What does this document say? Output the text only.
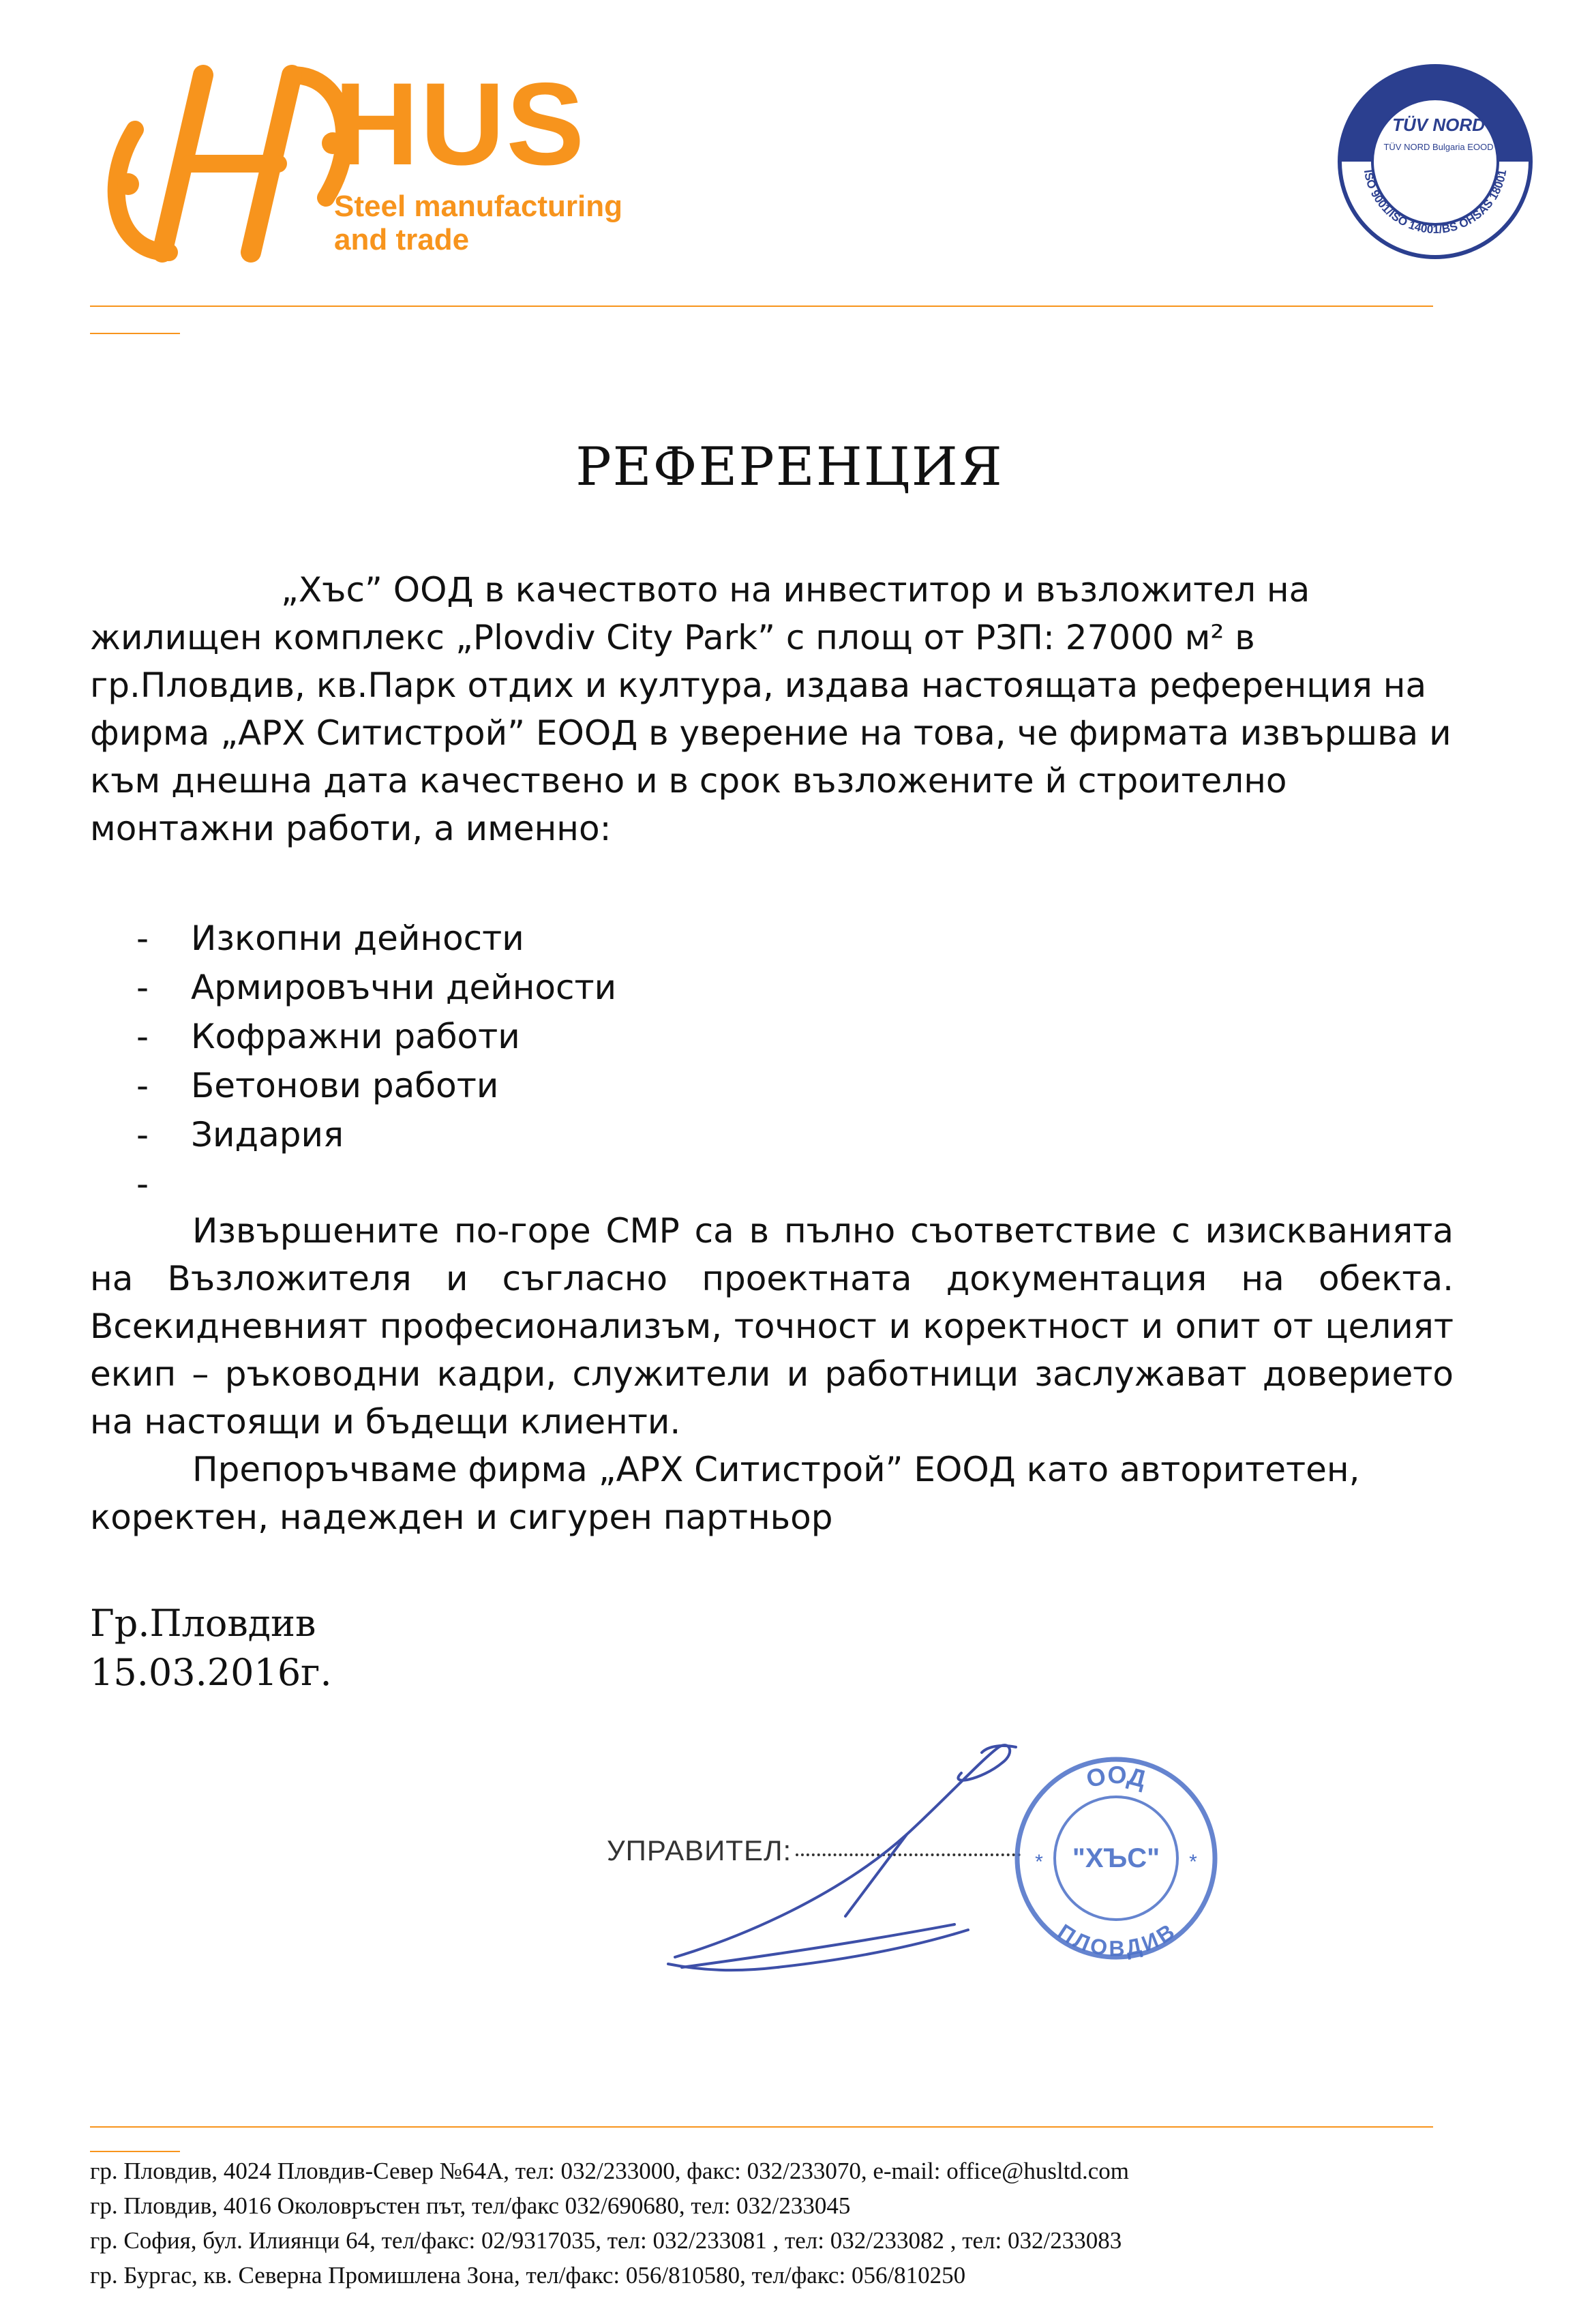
HUS
Steel manufacturing
and trade
TÜV NORD
TÜV NORD Bulgaria EOOD
ISO 9001/ISO 14001/BS OHSAS 18001
РЕФЕРЕНЦИЯ
„Хъс” ООД в качеството на инвеститор и възложител на жилищен комплекс „Plovdiv City Park” с площ от РЗП: 27000 м² в гр.Пловдив, кв.Парк отдих и култура, издава настоящата референция на фирма „АРХ Ситистрой” ЕООД в уверение на това, че фирмата извършва и към днешна дата качествено и в срок възложените й строително монтажни работи, а именно:
- Изкопни дейности
- Армировъчни дейности
- Кофражни работи
- Бетонови работи
- Зидария
-
Извършените по-горе СМР са в пълно съответствие с изискванията на Възложителя и съгласно проектната документация на обекта. Всекидневният професионализъм, точност и коректност и опит от целият екип – ръководни кадри, служители и работници заслужават доверието на настоящи и бъдещи клиенти.
Препоръчваме фирма „АРХ Ситистрой” ЕООД като авторитетен, коректен, надежден и сигурен партньор
Гр.Пловдив
15.03.2016г.
УПРАВИТЕЛ:
ООД
"ХЪС"
*	*
ПЛОВДИВ
гр. Пловдив, 4024 Пловдив-Север №64А, тел: 032/233000, факс: 032/233070, e-mail: office@husltd.com
гр. Пловдив, 4016 Околовръстен път, тел/факс 032/690680, тел: 032/233045
гр. София, бул. Илиянци 64, тел/факс: 02/9317035, тел: 032/233081 , тел: 032/233082 , тел: 032/233083
гр. Бургас, кв. Северна Промишлена Зона, тел/факс: 056/810580, тел/факс: 056/810250
